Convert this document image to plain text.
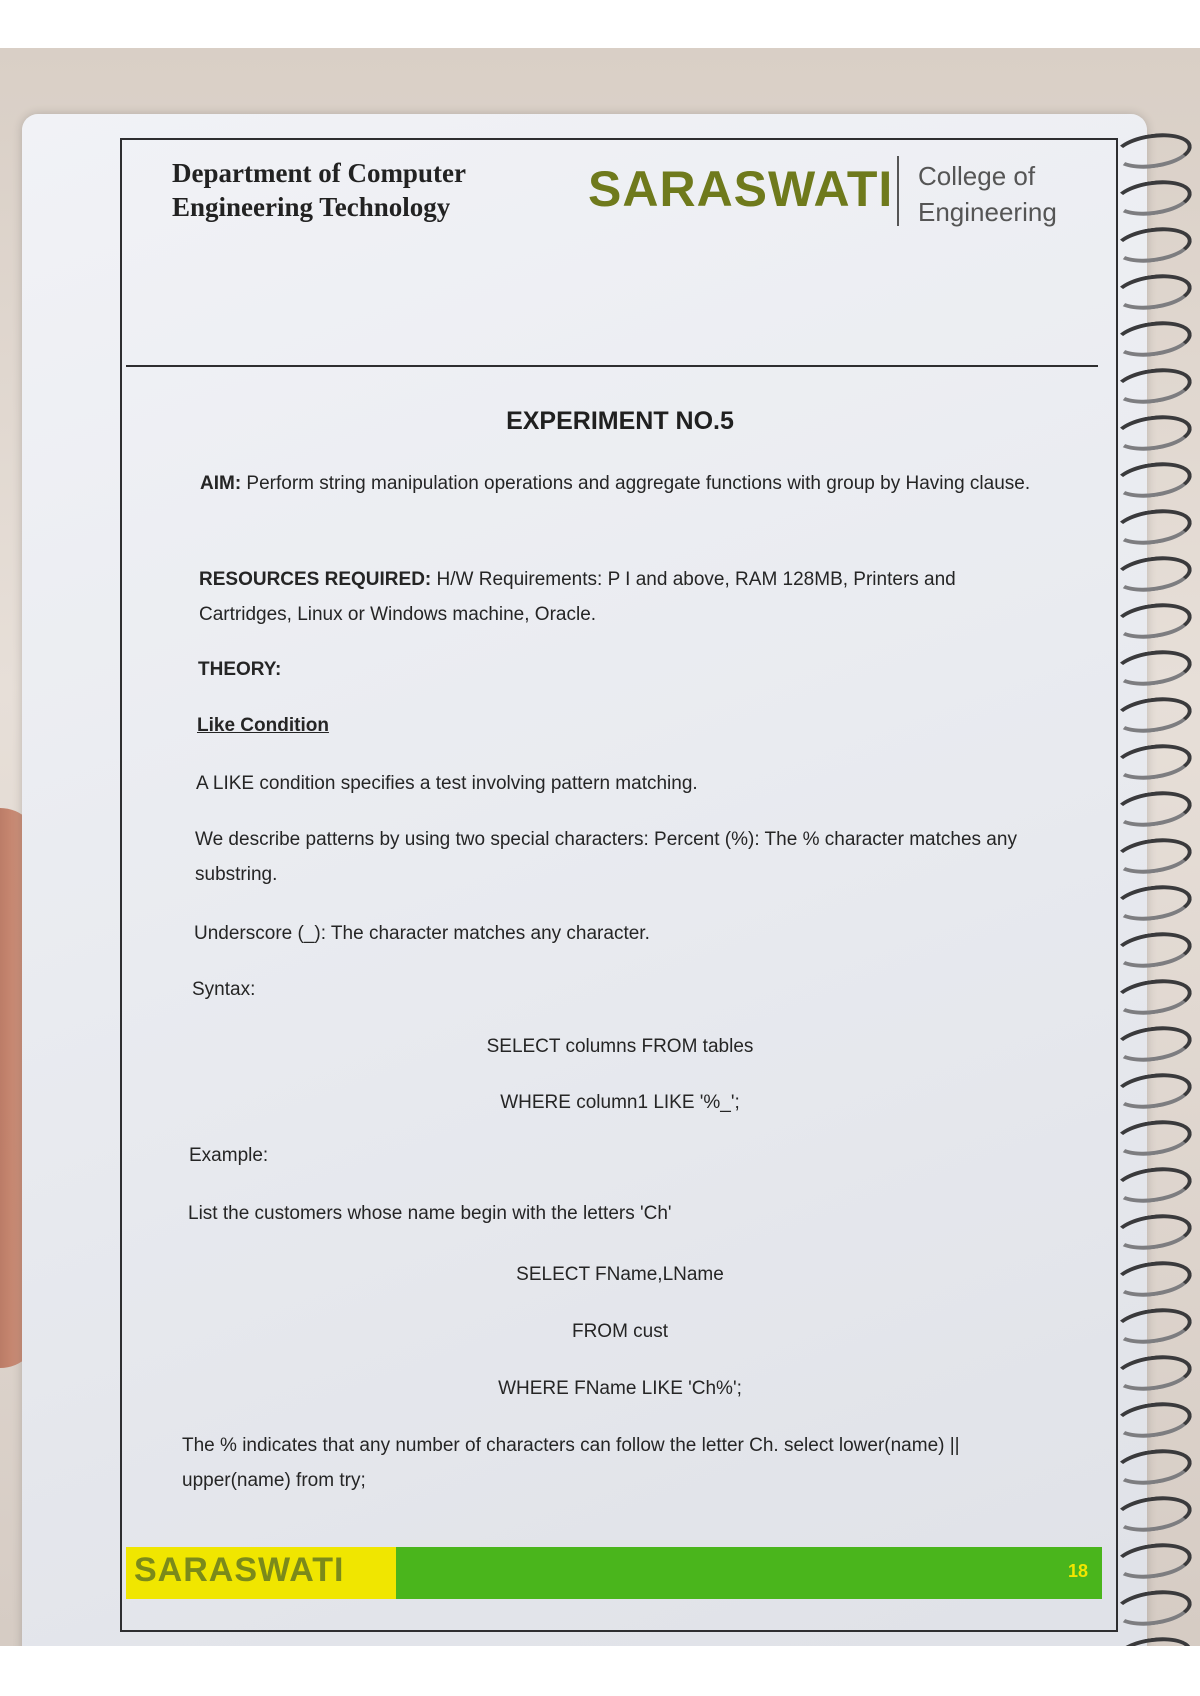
Department of Computer
Engineering Technology	SARASWATI College of
Engineering
EXPERIMENT NO.5
AIM: Perform string manipulation operations and aggregate functions with group by Having clause.
RESOURCES REQUIRED: H/W Requirements: P I and above, RAM 128MB, Printers and Cartridges, Linux or Windows machine, Oracle.
THEORY:
Like Condition
A LIKE condition specifies a test involving pattern matching.
We describe patterns by using two special characters: Percent (%): The % character matches any substring.
Underscore (_): The character matches any character.
Syntax:
SELECT columns FROM tables
WHERE column1 LIKE '%_';
Example:
List the customers whose name begin with the letters 'Ch'
SELECT FName,LName
FROM cust
WHERE FName LIKE 'Ch%';
The % indicates that any number of characters can follow the letter Ch. select lower(name) || upper(name) from try;
SARASWATI	18
